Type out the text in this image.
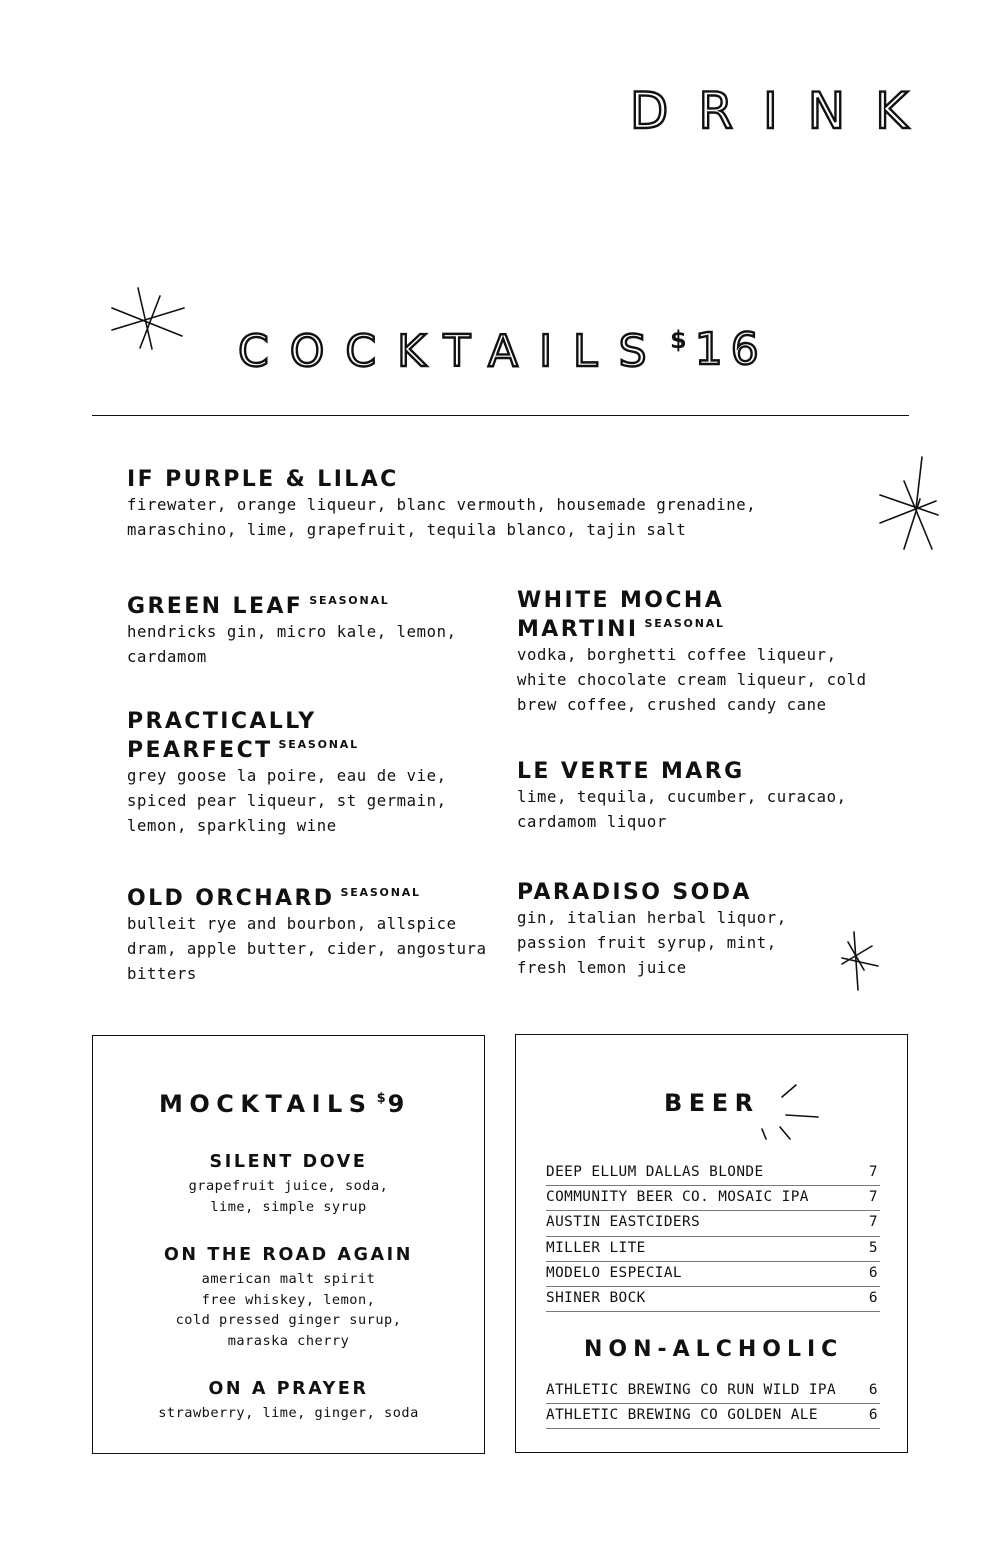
DRINK
COCKTAILS $16
IF PURPLE & LILAC
firewater, orange liqueur, blanc vermouth, housemade grenadine, maraschino, lime, grapefruit, tequila blanco, tajin salt
GREEN LEAF $^{SEASONAL}$
hendricks gin, micro kale, lemon, cardamom
WHITE MOCHA MARTINI $^{SEASONAL}$
vodka, borghetti coffee liqueur, white chocolate cream liqueur, cold brew coffee, crushed candy cane
PRACTICALLY PEARFECT $^{SEASONAL}$
grey goose la poire, eau de vie, spiced pear liqueur, st germain, lemon, sparkling wine
LE VERTE MARG
lime, tequila, cucumber, curacao, cardamom liquor
OLD ORCHARD $^{SEASONAL}$
bulleit rye and bourbon, allspice dram, apple butter, cider, angostura bitters
PARADISO SODA
gin, italian herbal liquor, passion fruit syrup, mint, fresh lemon juice
MOCKTAILS $9
SILENT DOVE
grapefruit juice, soda,
lime, simple syrup
ON THE ROAD AGAIN
american malt spirit
free whiskey, lemon,
cold pressed ginger surup,
maraska cherry
ON A PRAYER
strawberry, lime, ginger, soda
BEER
DEEP ELLUM DALLAS BLONDE	7
COMMUNITY BEER CO. MOSAIC IPA	7
AUSTIN EASTCIDERS	7
MILLER LITE	5
MODELO ESPECIAL	6
SHINER BOCK	6
NON-ALCHOLIC
ATHLETIC BREWING CO RUN WILD IPA 6
ATHLETIC BREWING CO GOLDEN ALE	6
